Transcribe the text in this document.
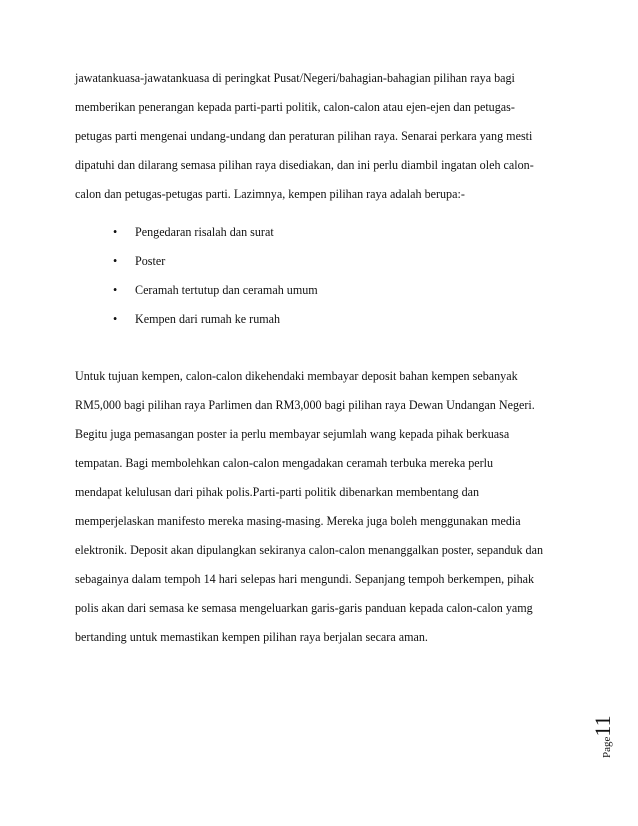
jawatankuasa-jawatankuasa di peringkat Pusat/Negeri/bahagian-bahagian pilihan raya bagi
memberikan penerangan kepada parti-parti politik, calon-calon atau ejen-ejen dan petugas-
petugas parti mengenai undang-undang dan peraturan pilihan raya. Senarai perkara yang mesti
dipatuhi dan dilarang semasa pilihan raya disediakan, dan ini perlu diambil ingatan oleh calon-
calon dan petugas-petugas parti. Lazimnya, kempen pilihan raya adalah berupa:-
• Pengedaran risalah dan surat
• Poster
• Ceramah tertutup dan ceramah umum
• Kempen dari rumah ke rumah
Untuk tujuan kempen, calon-calon dikehendaki membayar deposit bahan kempen sebanyak
RM5,000 bagi pilihan raya Parlimen dan RM3,000 bagi pilihan raya Dewan Undangan Negeri.
Begitu juga pemasangan poster ia perlu membayar sejumlah wang kepada pihak berkuasa
tempatan. Bagi membolehkan calon-calon mengadakan ceramah terbuka mereka perlu
mendapat kelulusan dari pihak polis.Parti-parti politik dibenarkan membentang dan
memperjelaskan manifesto mereka masing-masing. Mereka juga boleh menggunakan media
elektronik. Deposit akan dipulangkan sekiranya calon-calon menanggalkan poster, sepanduk dan
sebagainya dalam tempoh 14 hari selepas hari mengundi. Sepanjang tempoh berkempen, pihak
polis akan dari semasa ke semasa mengeluarkan garis-garis panduan kepada calon-calon yamg
bertanding untuk memastikan kempen pilihan raya berjalan secara aman.
Page11
